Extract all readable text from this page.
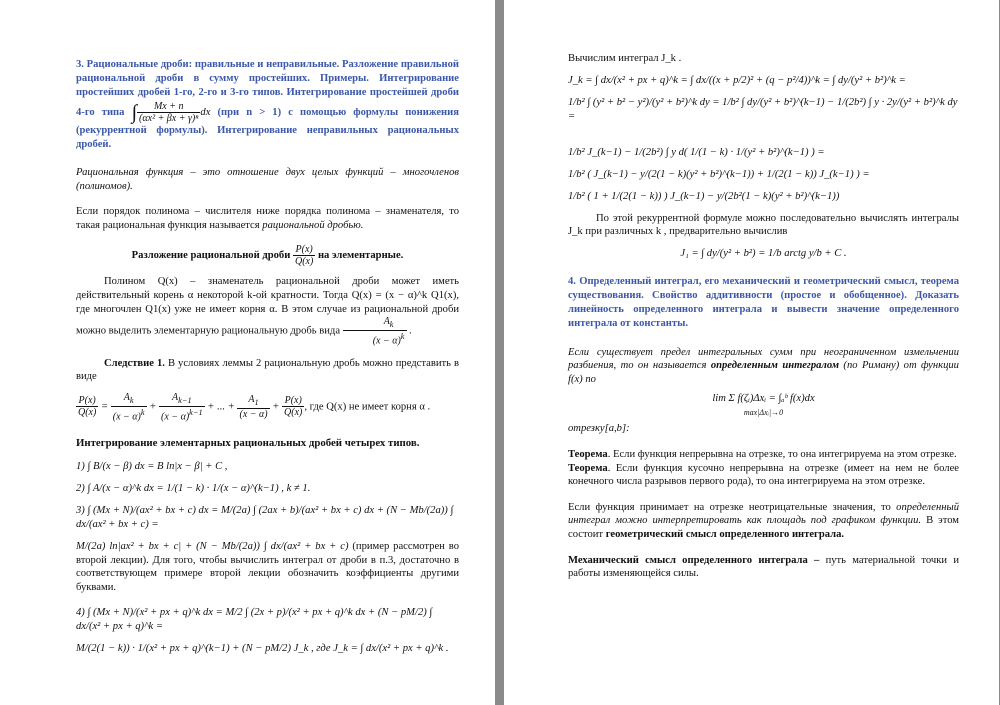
3. Рациональные дроби: правильные и неправильные. Разложение правильной рациональной дроби в сумму простейших. Примеры. Интегрирование простейших дробей 1-го, 2-го и 3-го типов. Интегрирование простейшей дроби 4-го типа ∫ $\frac{Mx + n}{\text{(αx² + βx + γ)ⁿ}}$ dx (при n > 1) с помощью формулы понижения (рекуррентной формулы). Интегрирование неправильных рациональных дробей.

Рациональная функция – это отношение двух целых функций – многочленов (полиномов).

Если порядок полинома – числителя ниже порядка полинома – знаменателя, то такая рациональная функция называется рациональной дробью.

Разложение рациональной дроби $\frac{P(x)}{Q(x)}$ на элементарные.

Полином Q(x) – знаменатель рациональной дроби может иметь действительный корень α некоторой k-ой кратности. Тогда Q(x) = (x − α)^k Q1(x), где многочлен Q1(x) уже не имеет корня α. В этом случае из рациональной дроби можно выделить элементарную рациональную дробь вида $\frac{A_k}{(x - \alpha)^k}$ .

Следствие 1. В условиях леммы 2 рациональную дробь можно представить в виде

$\frac{P(x)}{Q(x)} = \frac{A_k}{(x - \alpha)^k} + \frac{A_{k-1}}{(x - \alpha)^{k-1}}$ + ... + $\frac{A_1}{(x - \alpha)} + \frac{P(x)}{Q(x)}$ , где Q(x) не имеет корня α .
Интегрирование элементарных рациональных дробей четырех типов.
1) ∫ B/(x − β) dx = B ln|x − β| + C ,
2) ∫ A/(x − α)^k dx = 1/(1 − k) · 1/(x − α)^(k−1) , k ≠ 1.
3) ∫ (Mx + N)/(ax² + bx + c) dx = M/(2a) ∫ (2ax + b)/(ax² + bx + c) dx + (N − Mb/(2a)) ∫ dx/(ax² + bx + c) =

M/(2a) ln|ax² + bx + c| + (N − Mb/(2a)) ∫ dx/(ax² + bx + c) (пример рассмотрен во второй лекции). Для того, чтобы вычислить интеграл от дроби в п.3, достаточно в соответствующем примере второй лекции обозначить коэффициенты другими буквами.

4) ∫ (Mx + N)/(x² + px + q)^k dx = M/2 ∫ (2x + p)/(x² + px + q)^k dx + (N − pM/2) ∫ dx/(x² + px + q)^k =
M/(2(1 − k)) · 1/(x² + px + q)^(k−1) + (N − pM/2) J_k , где J_k = ∫ dx/(x² + px + q)^k .

Вычислим интеграл J_k .

J_k = ∫ dx/(x² + px + q)^k = ∫ dx/((x + p/2)² + (q − p²/4))^k = ∫ dy/(y² + b²)^k =
1/b² ∫ (y² + b² − y²)/(y² + b²)^k dy = 1/b² ∫ dy/(y² + b²)^(k−1) − 1/(2b²) ∫ y · 2y/(y² + b²)^k dy =
1/b² J_(k−1) − 1/(2b²) ∫ y d( 1/(1 − k) · 1/(y² + b²)^(k−1) ) =
1/b² ( J_(k−1) − y/(2(1 − k)(y² + b²)^(k−1)) + 1/(2(1 − k)) J_(k−1) ) =
1/b² ( 1 + 1/(2(1 − k)) ) J_(k−1) − y/(2b²(1 − k)(y² + b²)^(k−1))

По этой рекуррентной формуле можно последовательно вычислять интегралы J_k при различных k , предварительно вычислив

J₁ = ∫ dy/(y² + b²) = 1/b arctg y/b + C .
4. Определенный интеграл, его механический и геометрический смысл, теорема существования. Свойство аддитивности (простое и обобщенное). Доказать линейность определенного интеграла и вывести значение определенного интеграла от константы.

Если существует предел интегральных сумм при неограниченном измельчении разбиения, то он называется определенным интегралом (по Риману) от функции f(x) по

lim Σ f(ζᵢ)Δxᵢ = ∫ₐᵇ f(x)dx
max|Δxᵢ|→0

отрезку[a,b]:

Теорема. Если функция непрерывна на отрезке, то она интегрируема на этом отрезке.

Теорема. Если функция кусочно непрерывна на отрезке (имеет на нем не более конечного числа разрывов первого рода), то она интегрируема на этом отрезке.

Если функция принимает на отрезке неотрицательные значения, то определенный интеграл можно интерпретировать как площадь под графиком функции. В этом состоит геометрический смысл определенного интеграла.

Механический смысл определенного интеграла – путь материальной точки и работы изменяющейся силы.
